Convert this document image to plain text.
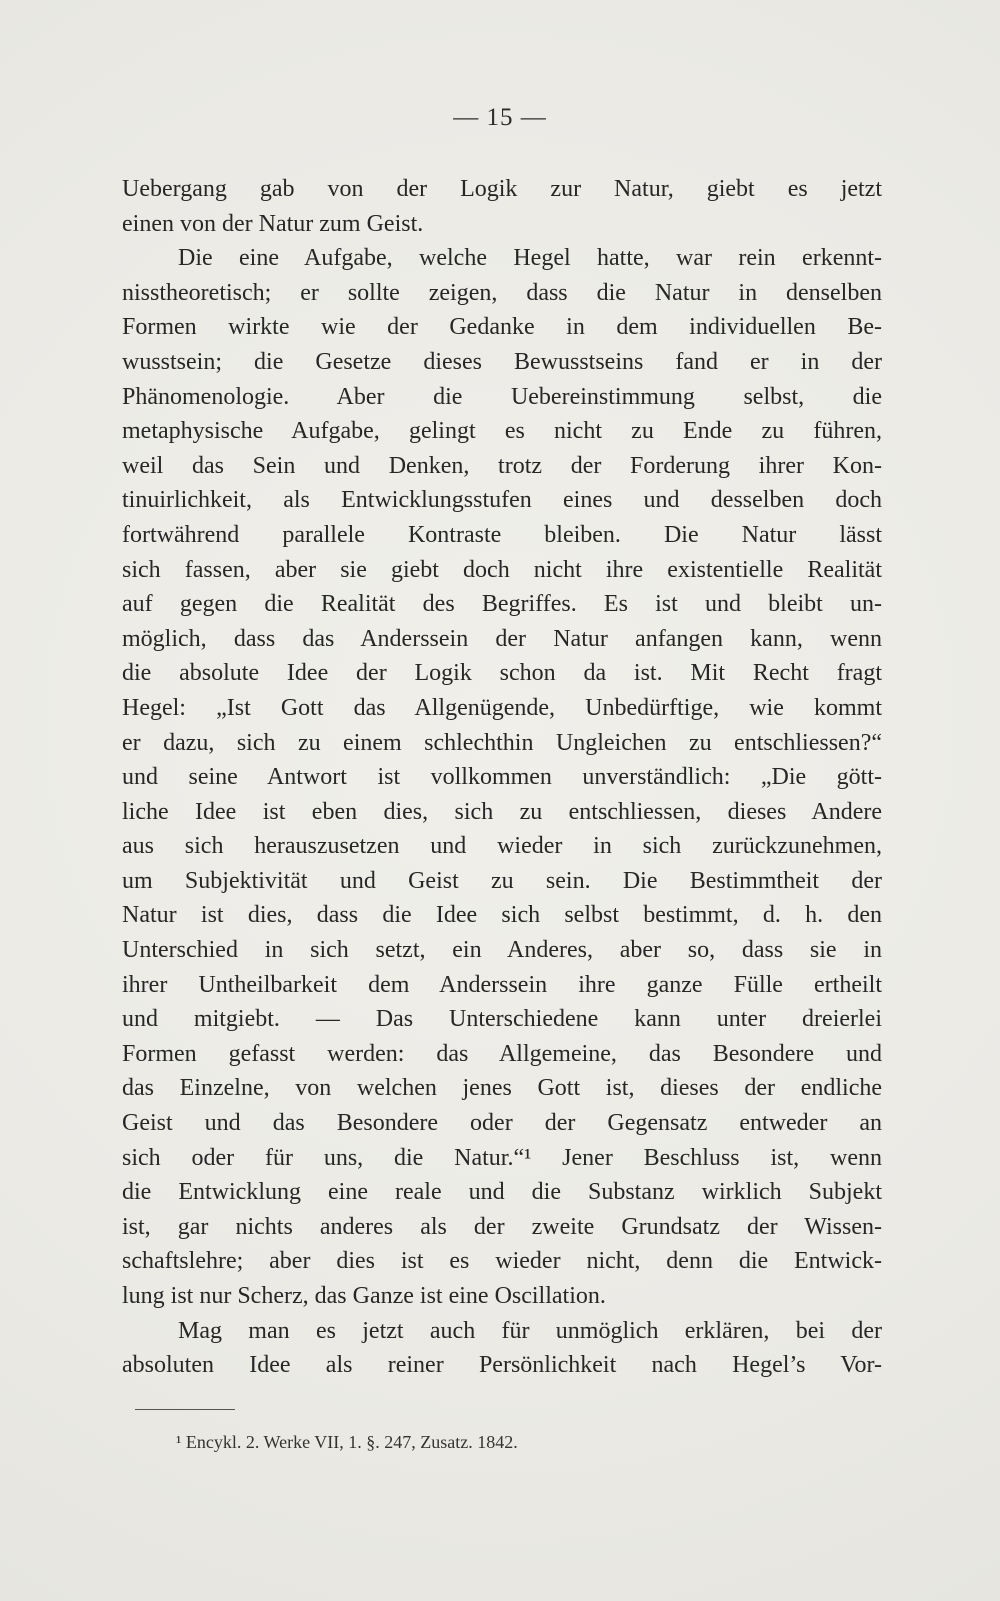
— 15 —
Uebergang gab von der Logik zur Natur, giebt es jetzt
einen von der Natur zum Geist.
Die eine Aufgabe, welche Hegel hatte, war rein erkennt-
nisstheoretisch; er sollte zeigen, dass die Natur in denselben
Formen wirkte wie der Gedanke in dem individuellen Be-
wusstsein; die Gesetze dieses Bewusstseins fand er in der
Phänomenologie. Aber die Uebereinstimmung selbst, die
metaphysische Aufgabe, gelingt es nicht zu Ende zu führen,
weil das Sein und Denken, trotz der Forderung ihrer Kon-
tinuirlichkeit, als Entwicklungsstufen eines und desselben doch
fortwährend parallele Kontraste bleiben. Die Natur lässt
sich fassen, aber sie giebt doch nicht ihre existentielle Realität
auf gegen die Realität des Begriffes. Es ist und bleibt un-
möglich, dass das Anderssein der Natur anfangen kann, wenn
die absolute Idee der Logik schon da ist. Mit Recht fragt
Hegel: „Ist Gott das Allgenügende, Unbedürftige, wie kommt
er dazu, sich zu einem schlechthin Ungleichen zu entschliessen?“
und seine Antwort ist vollkommen unverständlich: „Die gött-
liche Idee ist eben dies, sich zu entschliessen, dieses Andere
aus sich herauszusetzen und wieder in sich zurückzunehmen,
um Subjektivität und Geist zu sein. Die Bestimmtheit der
Natur ist dies, dass die Idee sich selbst bestimmt, d. h. den
Unterschied in sich setzt, ein Anderes, aber so, dass sie in
ihrer Untheilbarkeit dem Anderssein ihre ganze Fülle ertheilt
und mitgiebt. — Das Unterschiedene kann unter dreierlei
Formen gefasst werden: das Allgemeine, das Besondere und
das Einzelne, von welchen jenes Gott ist, dieses der endliche
Geist und das Besondere oder der Gegensatz entweder an
sich oder für uns, die Natur.“¹ Jener Beschluss ist, wenn
die Entwicklung eine reale und die Substanz wirklich Subjekt
ist, gar nichts anderes als der zweite Grundsatz der Wissen-
schaftslehre; aber dies ist es wieder nicht, denn die Entwick-
lung ist nur Scherz, das Ganze ist eine Oscillation.
Mag man es jetzt auch für unmöglich erklären, bei der
absoluten Idee als reiner Persönlichkeit nach Hegel’s Vor-
¹ Encykl. 2. Werke VII, 1. §. 247, Zusatz. 1842.
